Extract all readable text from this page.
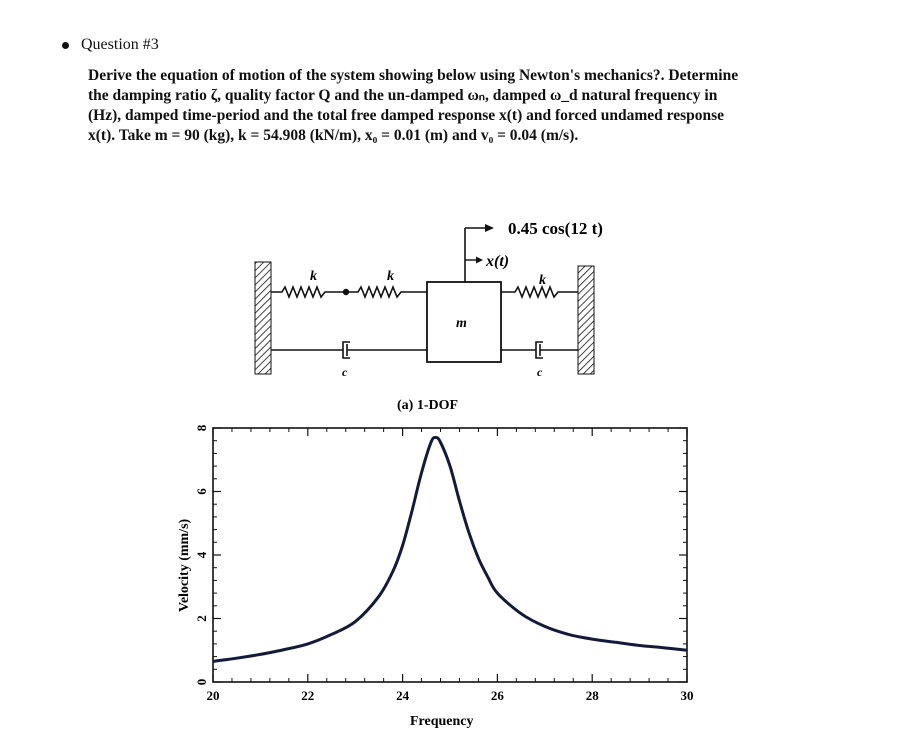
Question #3

Derive the equation of motion of the system showing below using Newton's mechanics?. Determine

the damping ratio ζ, quality factor Q and the un-damped ωₙ, damped ω_d natural frequency in

(Hz), damped time-period and the total free damped response x(t) and forced undamed response

x(t). Take m = 90 (kg), k = 54.908 (kN/m), x₀ = 0.01 (m) and v₀ = 0.04 (m/s).

k	k
c
m
k
c
0.45 cos(12 t)
x(t)
(a) 1-DOF
20	22	24	26	28	30
0
2
4
6
8
Frequency
Velocity (mm/s)
